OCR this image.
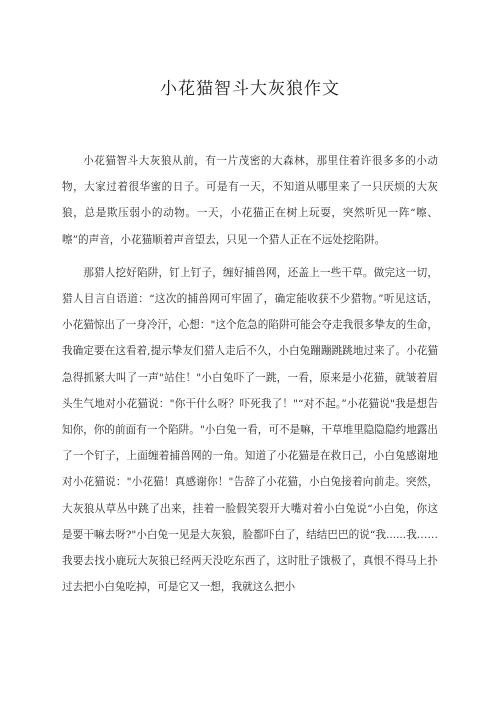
小花猫智斗大灰狼作文

小花猫智斗大灰狼从前，有一片茂密的大森林，那里住着许很多多的小动物，大家过着很华蜜的日子。可是有一天，不知道从哪里来了一只厌烦的大灰狼，总是欺压弱小的动物。一天，小花猫正在树上玩耍，突然听见一阵“嚓、嚓”的声音，小花猫顺着声音望去，只见一个猎人正在不远处挖陷阱。

那猎人挖好陷阱，钉上钉子，缠好捕兽网，还盖上一些干草。做完这一切，猎人目言自语道：“这次的捕兽网可牢固了，确定能收获不少猎物。”听见这话，小花猫惊出了一身冷汗，心想："这个危急的陷阱可能会夺走我很多挚友的生命，我确定要在这看着,提示挚友们猎人走后不久，小白兔蹦蹦跳跳地过来了。小花猫急得抓紧大叫了一声"站住！"小白兔吓了一跳，一看，原来是小花猫，就皱着眉头生气地对小花猫说："你干什么呀？吓死我了！"“对不起。”小花猫说"我是想告知你，你的前面有一个陷阱。"小白兔一看，可不是嘛，干草堆里隐隐隐约地露出了一个钉子，上面缠着捕兽网的一角。知道了小花猫是在救日己，小白兔感谢地对小花猫说："小花猫！真感谢你！"告辞了小花猫，小白兔接着向前走。突然，大灰狼从草丛中跳了出来，挂着一脸假笑裂开大嘴对着小白兔说“小白兔，你这是要干嘛去呀?"小白兔一见是大灰狼，脸都吓白了，结结巴巴的说“我......我……我要去找小鹿玩大灰狼已经两天没吃东西了，这时肚子饿极了，真恨不得马上扑过去把小白兔吃掉，可是它又一想，我就这么把小
